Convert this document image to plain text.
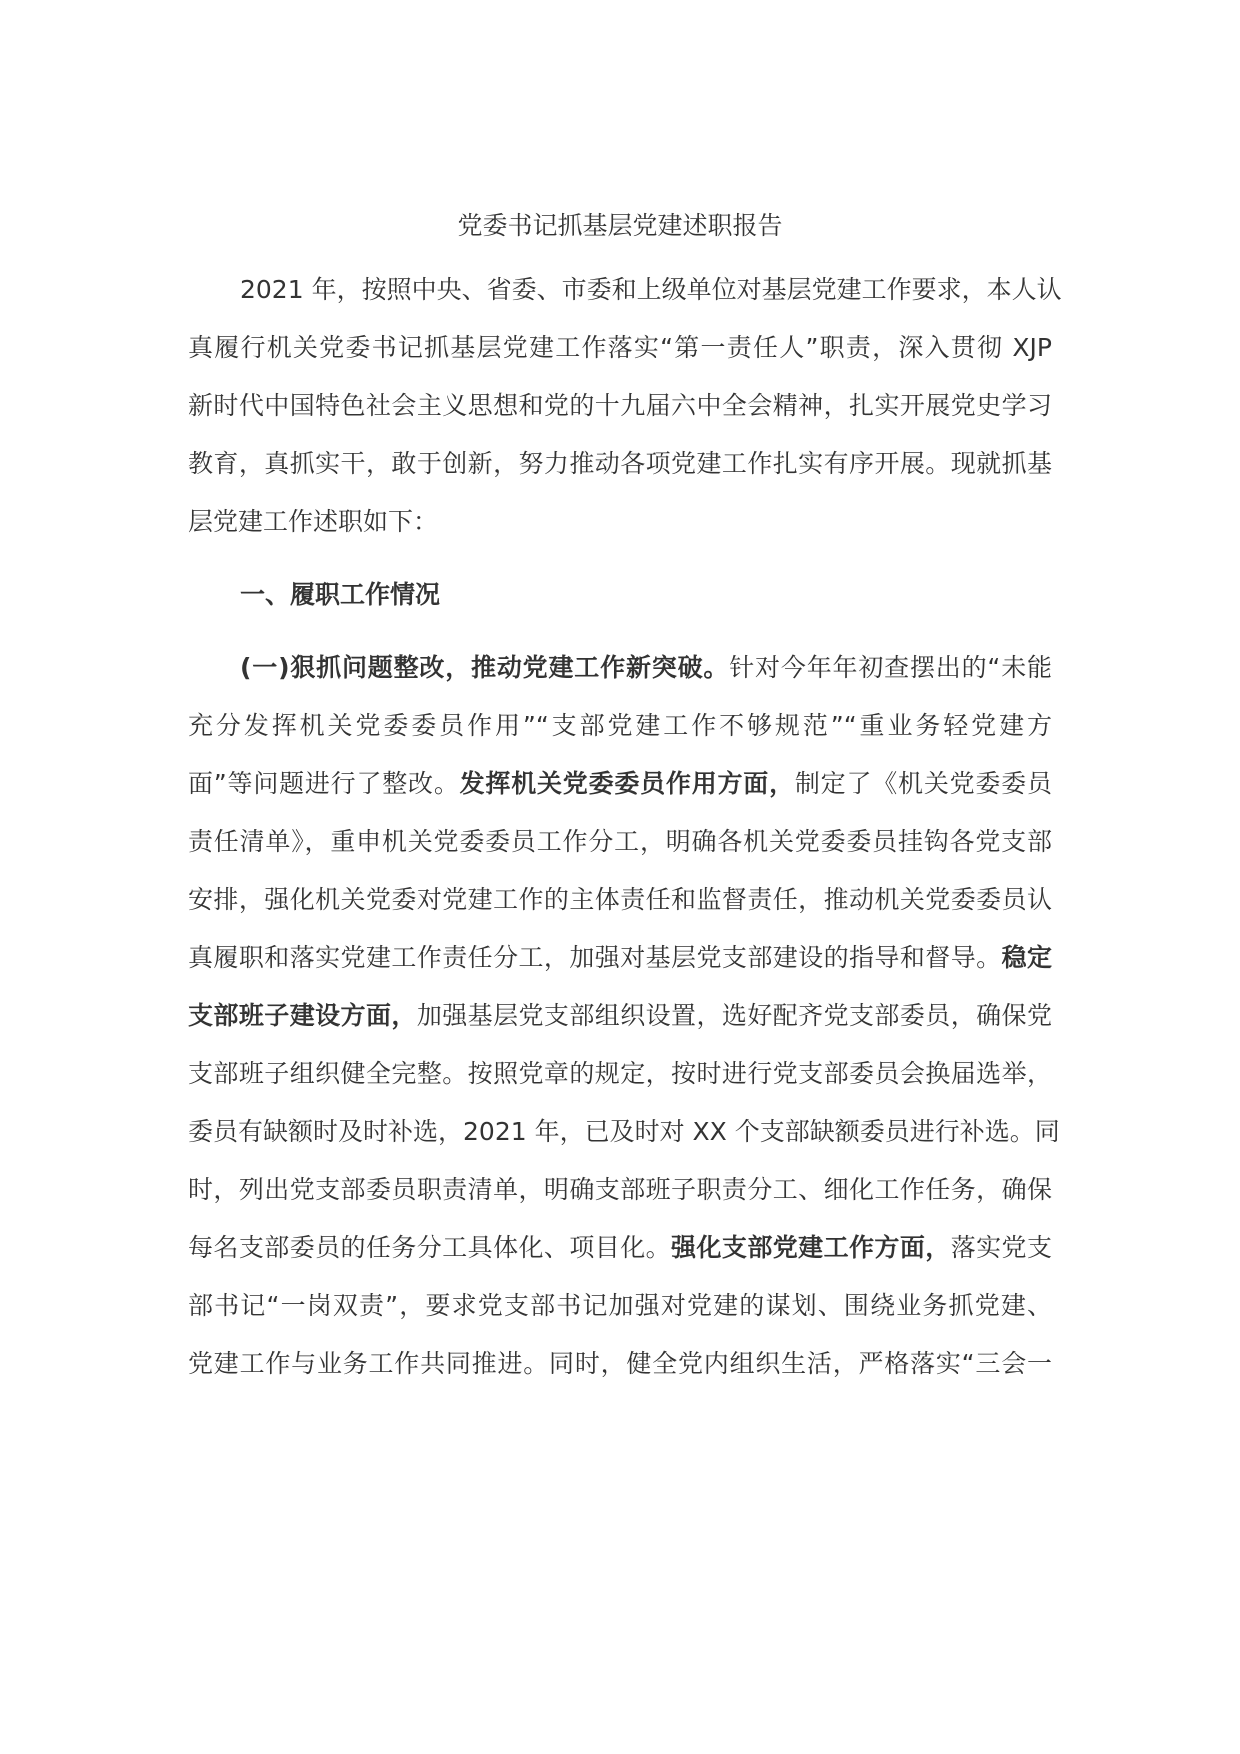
党委书记抓基层党建述职报告
2021 年，按照中央、省委、市委和上级单位对基层党建工作要求，本人认
真履行机关党委书记抓基层党建工作落实“第一责任人”职责，深入贯彻 XJP
新时代中国特色社会主义思想和党的十九届六中全会精神，扎实开展党史学习
教育，真抓实干，敢于创新，努力推动各项党建工作扎实有序开展。现就抓基
层党建工作述职如下：
一、履职工作情况
(一)狠抓问题整改，推动党建工作新突破。针对今年年初查摆出的“未能
充分发挥机关党委委员作用”“支部党建工作不够规范”“重业务轻党建方
面”等问题进行了整改。发挥机关党委委员作用方面，制定了《机关党委委员
责任清单》，重申机关党委委员工作分工，明确各机关党委委员挂钩各党支部
安排，强化机关党委对党建工作的主体责任和监督责任，推动机关党委委员认
真履职和落实党建工作责任分工，加强对基层党支部建设的指导和督导。稳定
支部班子建设方面，加强基层党支部组织设置，选好配齐党支部委员，确保党
支部班子组织健全完整。按照党章的规定，按时进行党支部委员会换届选举，
委员有缺额时及时补选，2021 年，已及时对 XX 个支部缺额委员进行补选。同
时，列出党支部委员职责清单，明确支部班子职责分工、细化工作任务，确保
每名支部委员的任务分工具体化、项目化。强化支部党建工作方面，落实党支
部书记“一岗双责”，要求党支部书记加强对党建的谋划、围绕业务抓党建、
党建工作与业务工作共同推进。同时，健全党内组织生活，严格落实“三会一
